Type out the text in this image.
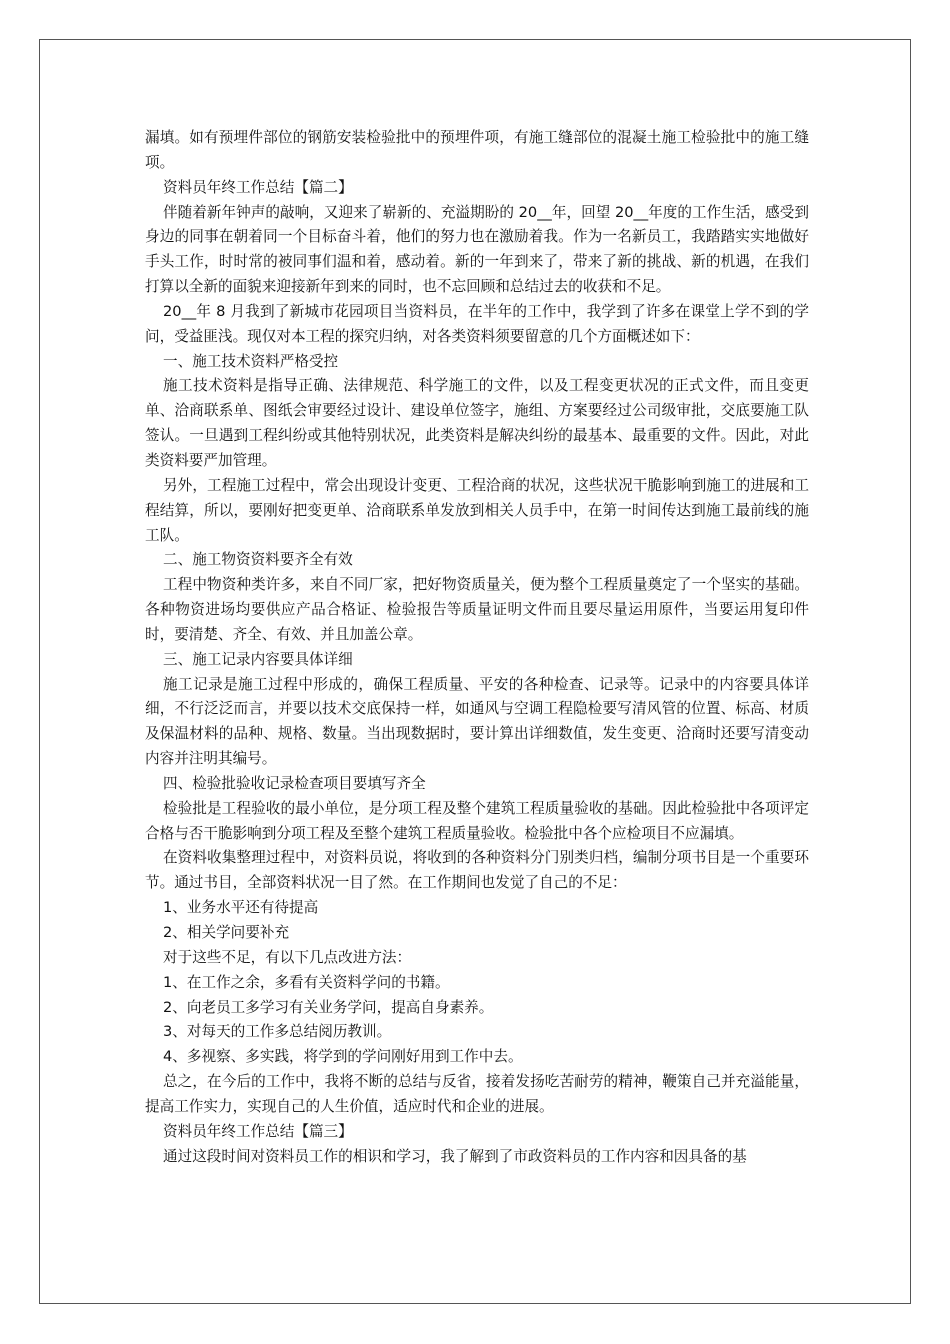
漏填。如有预埋件部位的钢筋安装检验批中的预埋件项，有施工缝部位的混凝土施工检验批中的施工缝项。

资料员年终工作总结【篇二】

伴随着新年钟声的敲响，又迎来了崭新的、充溢期盼的 20__年，回望 20__年度的工作生活，感受到身边的同事在朝着同一个目标奋斗着，他们的努力也在激励着我。作为一名新员工，我踏踏实实地做好手头工作，时时常的被同事们温和着，感动着。新的一年到来了，带来了新的挑战、新的机遇，在我们打算以全新的面貌来迎接新年到来的同时，也不忘回顾和总结过去的收获和不足。

20__年 8 月我到了新城市花园项目当资料员，在半年的工作中，我学到了许多在课堂上学不到的学问，受益匪浅。现仅对本工程的探究归纳，对各类资料须要留意的几个方面概述如下：

一、施工技术资料严格受控

施工技术资料是指导正确、法律规范、科学施工的文件，以及工程变更状况的正式文件，而且变更单、洽商联系单、图纸会审要经过设计、建设单位签字，施组、方案要经过公司级审批，交底要施工队签认。一旦遇到工程纠纷或其他特别状况，此类资料是解决纠纷的最基本、最重要的文件。因此，对此类资料要严加管理。

另外，工程施工过程中，常会出现设计变更、工程洽商的状况，这些状况干脆影响到施工的进展和工程结算，所以，要刚好把变更单、洽商联系单发放到相关人员手中，在第一时间传达到施工最前线的施工队。

二、施工物资资料要齐全有效

工程中物资种类许多，来自不同厂家，把好物资质量关，便为整个工程质量奠定了一个坚实的基础。各种物资进场均要供应产品合格证、检验报告等质量证明文件而且要尽量运用原件，当要运用复印件时，要清楚、齐全、有效、并且加盖公章。

三、施工记录内容要具体详细

施工记录是施工过程中形成的，确保工程质量、平安的各种检查、记录等。记录中的内容要具体详细，不行泛泛而言，并要以技术交底保持一样，如通风与空调工程隐检要写清风管的位置、标高、材质及保温材料的品种、规格、数量。当出现数据时，要计算出详细数值，发生变更、洽商时还要写清变动内容并注明其编号。

四、检验批验收记录检查项目要填写齐全

检验批是工程验收的最小单位，是分项工程及整个建筑工程质量验收的基础。因此检验批中各项评定合格与否干脆影响到分项工程及至整个建筑工程质量验收。检验批中各个应检项目不应漏填。

在资料收集整理过程中，对资料员说，将收到的各种资料分门别类归档，编制分项书目是一个重要环节。通过书目，全部资料状况一目了然。在工作期间也发觉了自己的不足：

1、业务水平还有待提高

2、相关学问要补充

对于这些不足，有以下几点改进方法：

1、在工作之余，多看有关资料学问的书籍。

2、向老员工多学习有关业务学问，提高自身素养。

3、对每天的工作多总结阅历教训。

4、多视察、多实践，将学到的学问刚好用到工作中去。

总之，在今后的工作中，我将不断的总结与反省，接着发扬吃苦耐劳的精神，鞭策自己并充溢能量，提高工作实力，实现自己的人生价值，适应时代和企业的进展。

资料员年终工作总结【篇三】

通过这段时间对资料员工作的相识和学习，我了解到了市政资料员的工作内容和因具备的基
